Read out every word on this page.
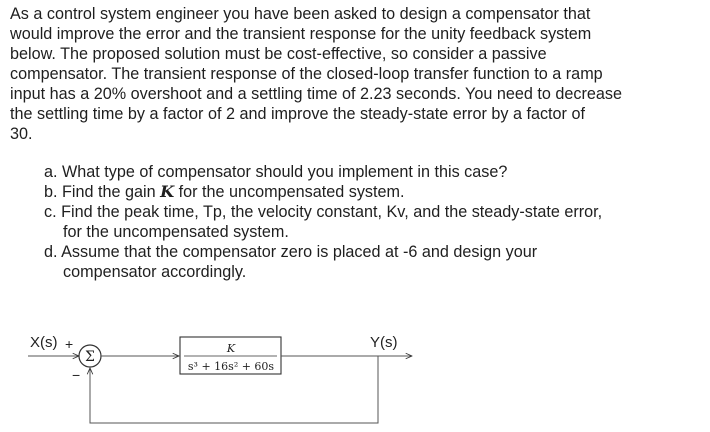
As a control system engineer you have been asked to design a compensator that
would improve the error and the transient response for the unity feedback system
below. The proposed solution must be cost-effective, so consider a passive
compensator. The transient response of the closed-loop transfer function to a ramp
input has a 20% overshoot and a settling time of 2.23 seconds. You need to decrease
the settling time by a factor of 2 and improve the steady-state error by a factor of
30.

a. What type of compensator should you implement in this case?
b. Find the gain K for the uncompensated system.
c. Find the peak time, Tp, the velocity constant, Kv, and the steady-state error,
for the uncompensated system.
d. Assume that the compensator zero is placed at -6 and design your
compensator accordingly.
X(s) +
−
Σ
K
s³ + 16s² + 60s
Y(s)
